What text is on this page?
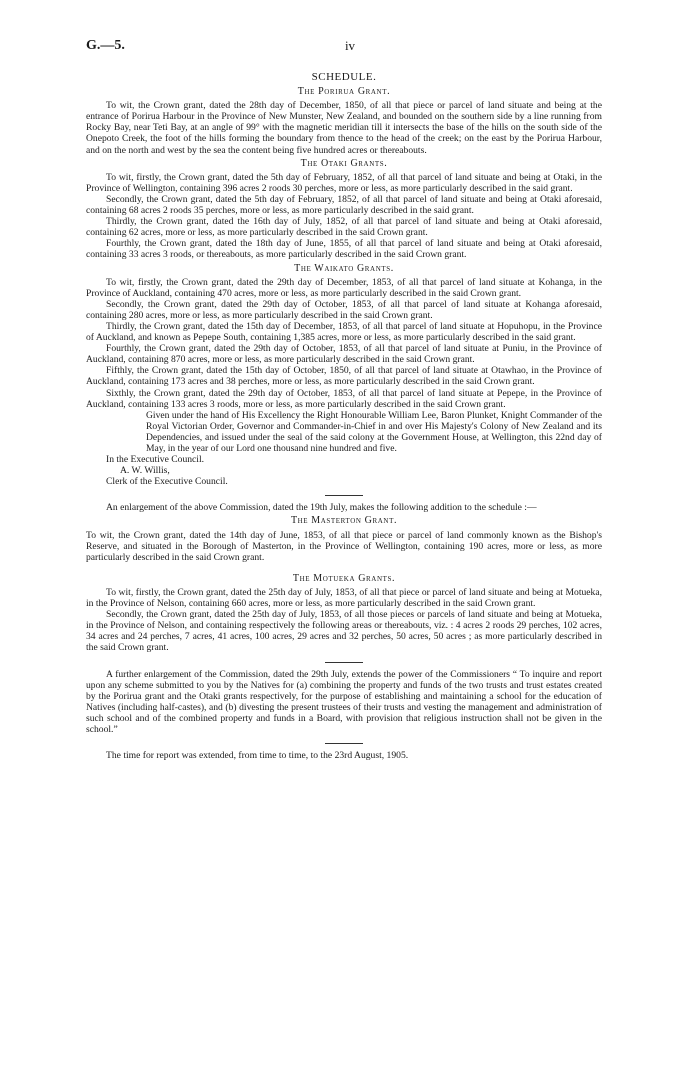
G.—5.	iv
SCHEDULE.
The Porirua Grant.

To wit, the Crown grant, dated the 28th day of December, 1850, of all that piece or parcel of land situate and being at the entrance of Porirua Harbour in the Province of New Munster, New Zealand, and bounded on the southern side by a line running from Rocky Bay, near Teti Bay, at an angle of 99° with the magnetic meridian till it intersects the base of the hills on the south side of the Onepoto Creek, the foot of the hills forming the boundary from thence to the head of the creek; on the east by the Porirua Harbour, and on the north and west by the sea the content being five hundred acres or thereabouts.

The Otaki Grants.

To wit, firstly, the Crown grant, dated the 5th day of February, 1852, of all that parcel of land situate and being at Otaki, in the Province of Wellington, containing 396 acres 2 roods 30 perches, more or less, as more particularly described in the said grant.

Secondly, the Crown grant, dated the 5th day of February, 1852, of all that parcel of land situate and being at Otaki aforesaid, containing 68 acres 2 roods 35 perches, more or less, as more particularly described in the said grant.

Thirdly, the Crown grant, dated the 16th day of July, 1852, of all that parcel of land situate and being at Otaki aforesaid, containing 62 acres, more or less, as more particularly described in the said Crown grant.

Fourthly, the Crown grant, dated the 18th day of June, 1855, of all that parcel of land situate and being at Otaki aforesaid, containing 33 acres 3 roods, or thereabouts, as more particularly described in the said Crown grant.

The Waikato Grants.

To wit, firstly, the Crown grant, dated the 29th day of December, 1853, of all that parcel of land situate at Kohanga, in the Province of Auckland, containing 470 acres, more or less, as more particularly described in the said Crown grant.

Secondly, the Crown grant, dated the 29th day of October, 1853, of all that parcel of land situate at Kohanga aforesaid, containing 280 acres, more or less, as more particularly described in the said Crown grant.

Thirdly, the Crown grant, dated the 15th day of December, 1853, of all that parcel of land situate at Hopuhopu, in the Province of Auckland, and known as Pepepe South, containing 1,385 acres, more or less, as more particularly described in the said grant.

Fourthly, the Crown grant, dated the 29th day of October, 1853, of all that parcel of land situate at Puniu, in the Province of Auckland, containing 870 acres, more or less, as more particularly described in the said Crown grant.

Fifthly, the Crown grant, dated the 15th day of October, 1850, of all that parcel of land situate at Otawhao, in the Province of Auckland, containing 173 acres and 38 perches, more or less, as more particularly described in the said Crown grant.

Sixthly, the Crown grant, dated the 29th day of October, 1853, of all that parcel of land situate at Pepepe, in the Province of Auckland, containing 133 acres 3 roods, more or less, as more particularly described in the said Crown grant.

Given under the hand of His Excellency the Right Honourable William Lee, Baron Plunket, Knight Commander of the Royal Victorian Order, Governor and Commander-in-Chief in and over His Majesty's Colony of New Zealand and its Dependencies, and issued under the seal of the said colony at the Government House, at Wellington, this 22nd day of May, in the year of our Lord one thousand nine hundred and five.

In the Executive Council.
A. W. Willis,
Clerk of the Executive Council.

An enlargement of the above Commission, dated the 19th July, makes the following addition to the schedule :—

The Masterton Grant.

To wit, the Crown grant, dated the 14th day of June, 1853, of all that piece or parcel of land commonly known as the Bishop's Reserve, and situated in the Borough of Masterton, in the Province of Wellington, containing 190 acres, more or less, as more particularly described in the said Crown grant.

The Motueka Grants.

To wit, firstly, the Crown grant, dated the 25th day of July, 1853, of all that piece or parcel of land situate and being at Motueka, in the Province of Nelson, containing 660 acres, more or less, as more particularly described in the said Crown grant.

Secondly, the Crown grant, dated the 25th day of July, 1853, of all those pieces or parcels of land situate and being at Motueka, in the Province of Nelson, and containing respectively the following areas or thereabouts, viz. : 4 acres 2 roods 29 perches, 102 acres, 34 acres and 24 perches, 7 acres, 41 acres, 100 acres, 29 acres and 32 perches, 50 acres, 50 acres ; as more particularly described in the said Crown grant.

A further enlargement of the Commission, dated the 29th July, extends the power of the Commissioners “ To inquire and report upon any scheme submitted to you by the Natives for (a) combining the property and funds of the two trusts and trust estates created by the Porirua grant and the Otaki grants respectively, for the purpose of establishing and maintaining a school for the education of Natives (including half-castes), and (b) divesting the present trustees of their trusts and vesting the management and administration of such school and of the combined property and funds in a Board, with provision that religious instruction shall not be given in the school.”

The time for report was extended, from time to time, to the 23rd August, 1905.
